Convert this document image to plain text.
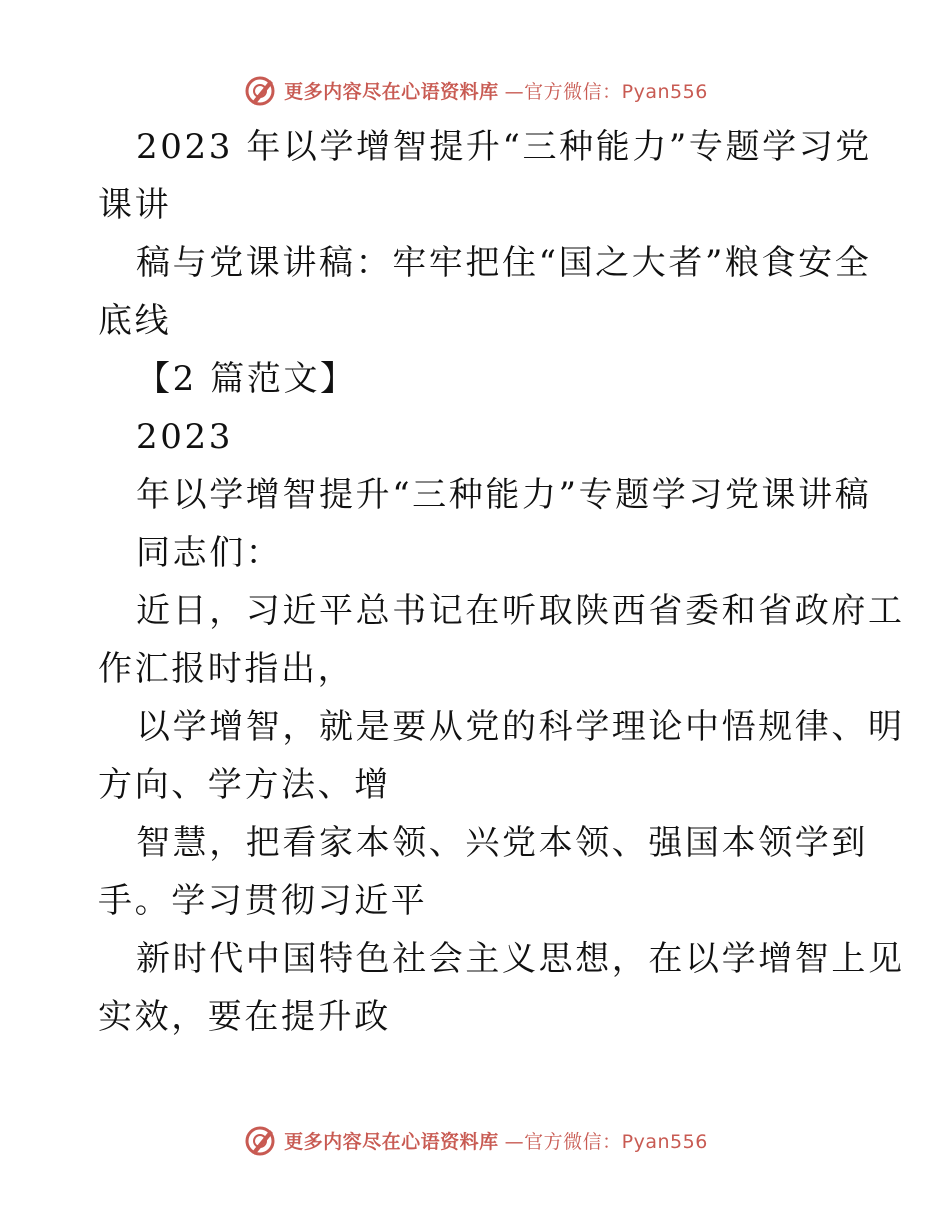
更多内容尽在心语资料库 —官方微信：Pyan556
2023 年以学增智提升“三种能力”专题学习党
课讲
稿与党课讲稿：牢牢把住“国之大者”粮食安全
底线
【2 篇范文】
2023
年以学增智提升“三种能力”专题学习党课讲稿
同志们：
近日，习近平总书记在听取陕西省委和省政府工
作汇报时指出，
以学增智，就是要从党的科学理论中悟规律、明
方向、学方法、增
智慧，把看家本领、兴党本领、强国本领学到
手。学习贯彻习近平
新时代中国特色社会主义思想，在以学增智上见
实效，要在提升政
更多内容尽在心语资料库 —官方微信：Pyan556
